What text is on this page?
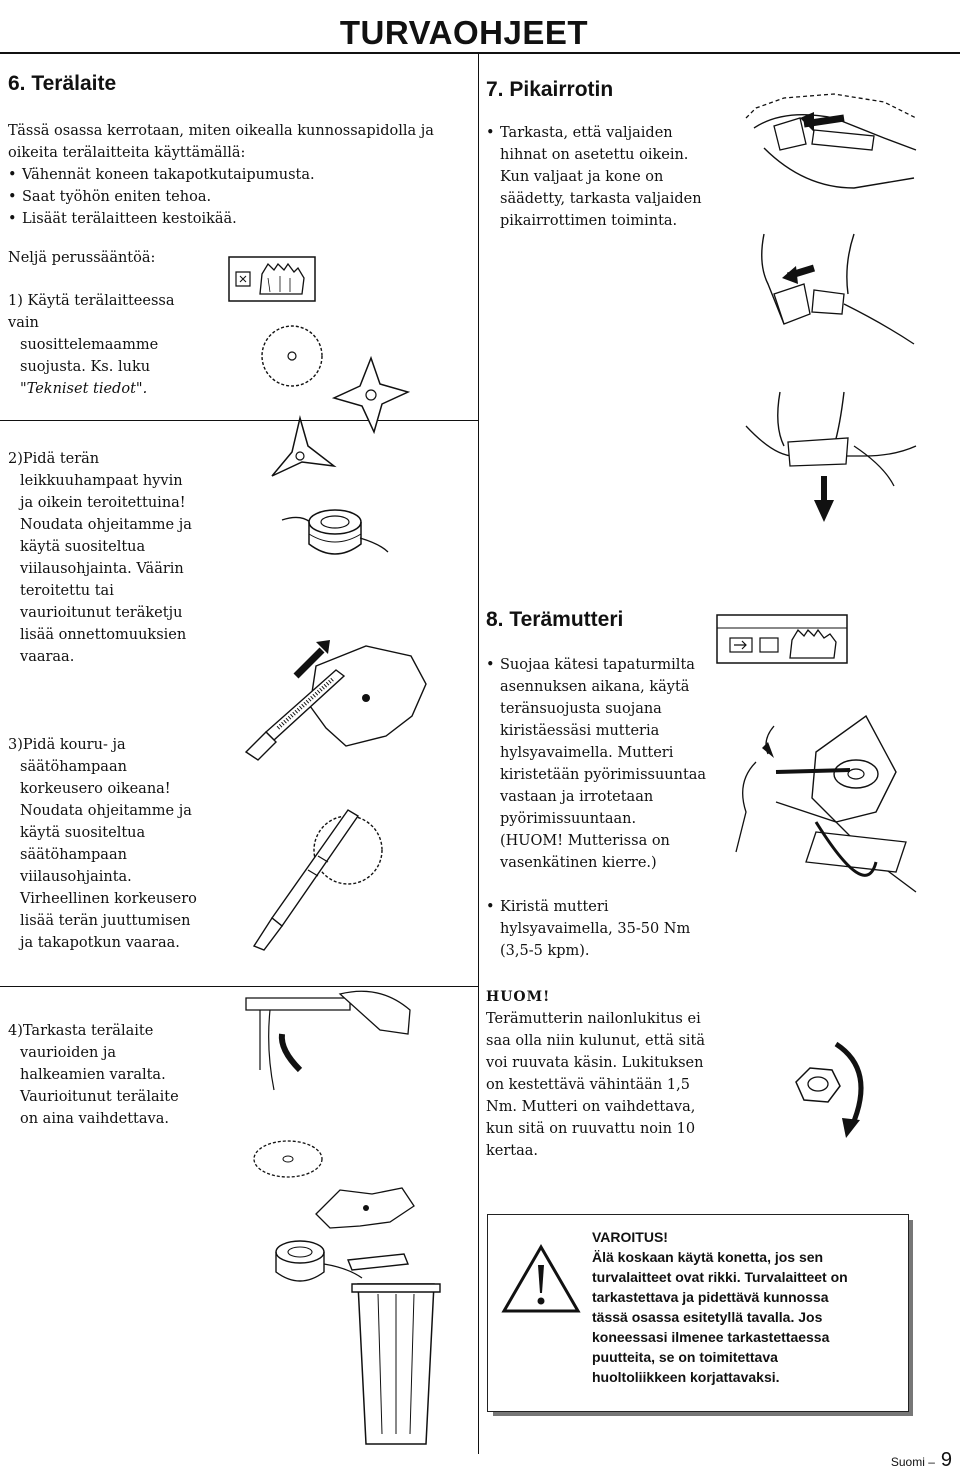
TURVAOHJEET
6. Terälaite
Tässä osassa kerrotaan, miten oikealla kunnossapidolla ja oikeita terälaitteita käyttämällä:
• Vähennät koneen takapotkutaipumusta.
• Saat työhön eniten tehoa.
• Lisäät terälaitteen kestoikää.
Neljä perussääntöä:
1) Käytä terälaitteessa vain
suosittelemaamme
suojusta. Ks. luku
"Tekniset tiedot".
2)Pidä terän
leikkuuhampaat hyvin
ja oikein teroitettuina!
Noudata ohjeitamme ja
käytä suositeltua
viilausohjainta. Väärin
teroitettu tai
vaurioitunut teräketju
lisää onnettomuuksien
vaaraa.
3)Pidä kouru- ja
säätöhampaan
korkeusero oikeana!
Noudata ohjeitamme ja
käytä suositeltua
säätöhampaan
viilausohjainta.
Virheellinen korkeusero
lisää terän juuttumisen
ja takapotkun vaaraa.
4)Tarkasta terälaite
vaurioiden ja
halkeamien varalta.
Vaurioitunut terälaite
on aina vaihdettava.
7. Pikairrotin
• Tarkasta, että valjaiden
hihnat on asetettu oikein.
Kun valjaat ja kone on
säädetty, tarkasta valjaiden
pikairrottimen toiminta.
8. Terämutteri
• Suojaa kätesi tapaturmilta
asennuksen aikana, käytä
teränsuojusta suojana
kiristäessäsi mutteria
hylsyavaimella. Mutteri
kiristetään pyörimissuuntaa
vastaan ja irrotetaan
pyörimissuuntaan.
(HUOM! Mutterissa on
vasenkätinen kierre.)
• Kiristä mutteri
hylsyavaimella, 35-50 Nm
(3,5-5 kpm).
HUOM!
Terämutterin nailonlukitus ei
saa olla niin kulunut, että sitä
voi ruuvata käsin. Lukituksen
on kestettävä vähintään 1,5
Nm. Mutteri on vaihdettava,
kun sitä on ruuvattu noin 10
kertaa.
VAROITUS!
Älä koskaan käytä konetta, jos sen
turvalaitteet ovat rikki. Turvalaitteet on
tarkastettava ja pidettävä kunnossa
tässä osassa esitetyllä tavalla. Jos
koneessasi ilmenee tarkastettaessa
puutteita, se on toimitettava
huoltoliikkeen korjattavaksi.
Suomi – 9
